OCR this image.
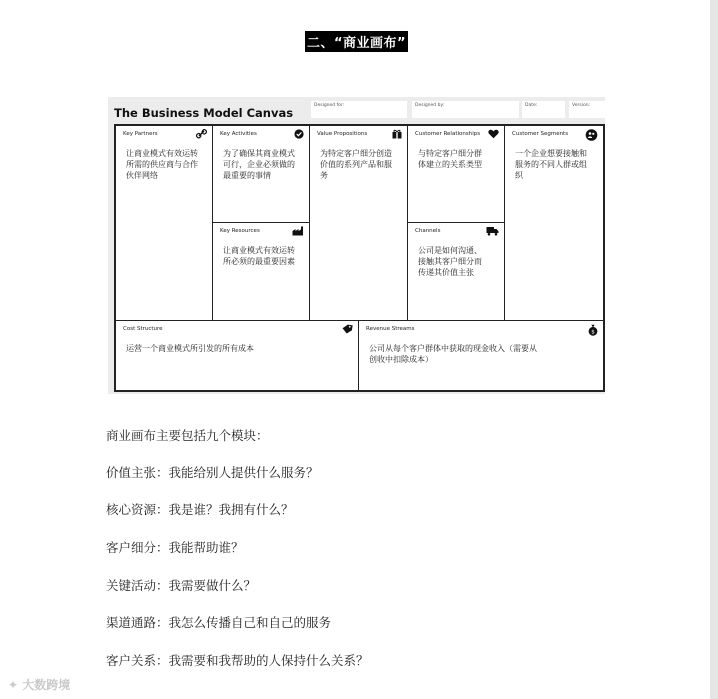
二、“商业画布”
The Business Model Canvas
Designed for:	Designed by:	Date:	Version:
Key Partners
让商业模式有效运转所需的供应商与合作伙伴网络
Key Activities
为了确保其商业模式可行，企业必须做的最重要的事情
Key Resources
让商业模式有效运转所必须的最重要因素
Value Propositions
为特定客户细分创造价值的系列产品和服务
Customer Relationships
与特定客户细分群体建立的关系类型
Channels
公司是如何沟通、接触其客户细分而传递其价值主张
Customer Segments
一个企业想要接触和服务的不同人群或组织
Cost Structure
运营一个商业模式所引发的所有成本
Revenue Streams
$
公司从每个客户群体中获取的现金收入（需要从创收中扣除成本）
商业画布主要包括九个模块：
价值主张：我能给别人提供什么服务？
核心资源：我是谁？我拥有什么？
客户细分：我能帮助谁？
关键活动：我需要做什么？
渠道通路：我怎么传播自己和自己的服务
客户关系：我需要和我帮助的人保持什么关系？
✦ 大数跨境
